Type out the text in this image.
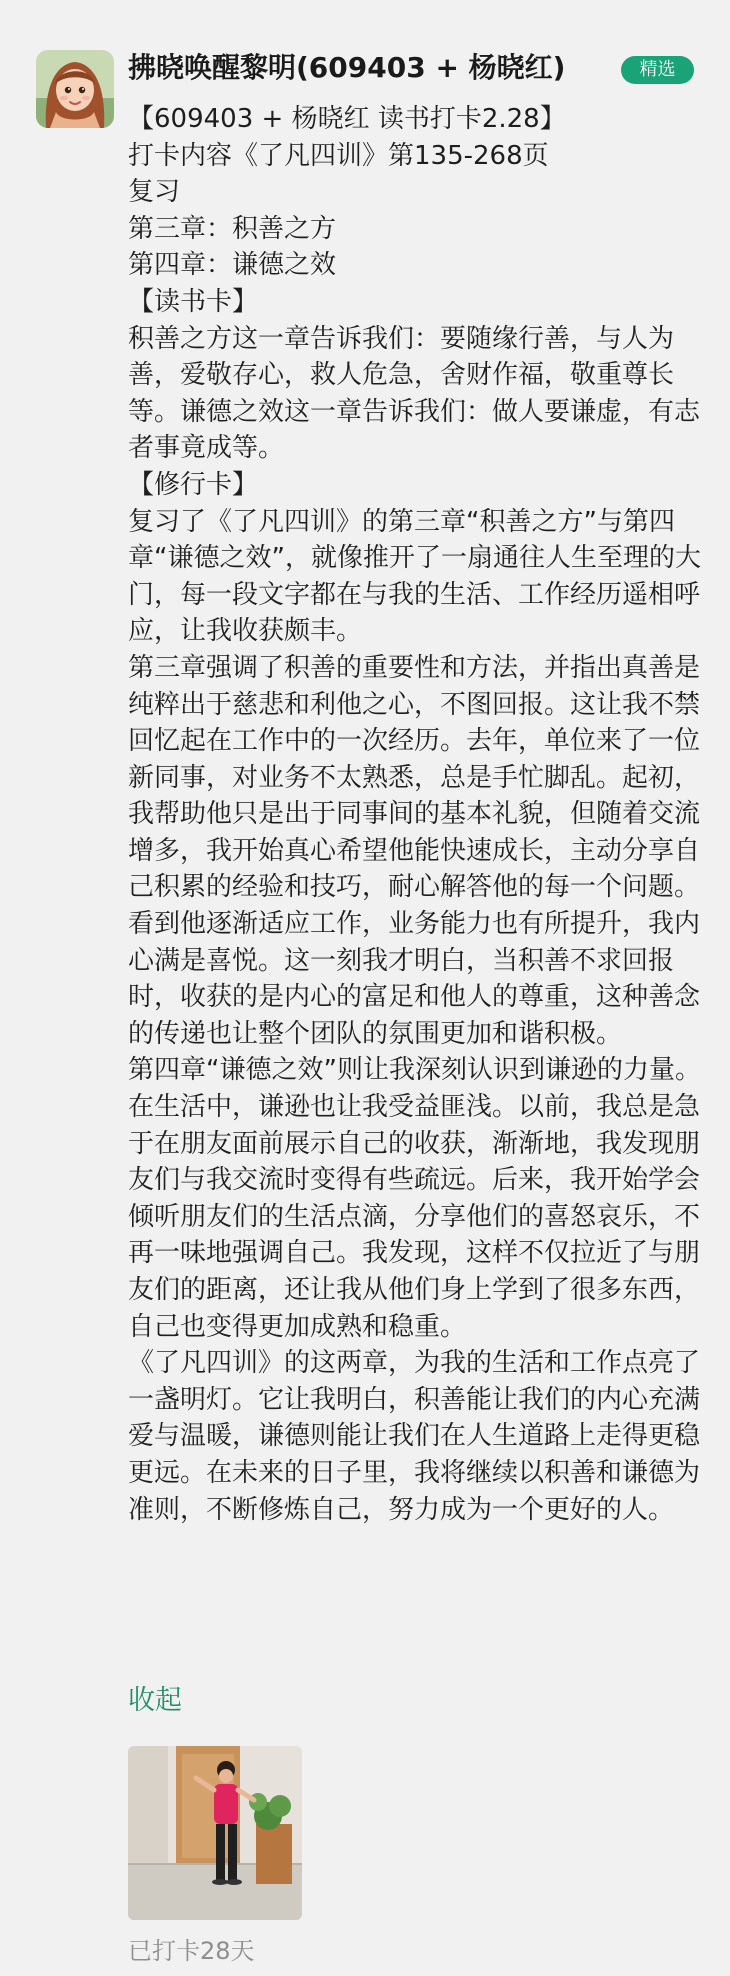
拂晓唤醒黎明(609403 + 杨晓红)	精选

【609403 + 杨晓红 读书打卡2.28】

打卡内容《了凡四训》第135-268页

复习

第三章：积善之方

第四章：谦德之效

【读书卡】

积善之方这一章告诉我们：要随缘行善，与人为善，爱敬存心，救人危急，舍财作福，敬重尊长等。谦德之效这一章告诉我们：做人要谦虚，有志者事竟成等。

【修行卡】

复习了《了凡四训》的第三章“积善之方”与第四章“谦德之效”，就像推开了一扇通往人生至理的大门，每一段文字都在与我的生活、工作经历遥相呼应，让我收获颇丰。

第三章强调了积善的重要性和方法，并指出真善是纯粹出于慈悲和利他之心，不图回报。这让我不禁回忆起在工作中的一次经历。去年，单位来了一位新同事，对业务不太熟悉，总是手忙脚乱。起初，我帮助他只是出于同事间的基本礼貌，但随着交流增多，我开始真心希望他能快速成长，主动分享自己积累的经验和技巧，耐心解答他的每一个问题。看到他逐渐适应工作，业务能力也有所提升，我内心满是喜悦。这一刻我才明白，当积善不求回报时，收获的是内心的富足和他人的尊重，这种善念的传递也让整个团队的氛围更加和谐积极。

第四章“谦德之效”则让我深刻认识到谦逊的力量。 在生活中，谦逊也让我受益匪浅。以前，我总是急于在朋友面前展示自己的收获，渐渐地，我发现朋友们与我交流时变得有些疏远。后来，我开始学会倾听朋友们的生活点滴，分享他们的喜怒哀乐，不再一味地强调自己。我发现，这样不仅拉近了与朋友们的距离，还让我从他们身上学到了很多东西，自己也变得更加成熟和稳重。

《了凡四训》的这两章，为我的生活和工作点亮了一盏明灯。它让我明白，积善能让我们的内心充满爱与温暖，谦德则能让我们在人生道路上走得更稳更远。在未来的日子里，我将继续以积善和谦德为准则，不断修炼自己，努力成为一个更好的人。

收起
已打卡28天
